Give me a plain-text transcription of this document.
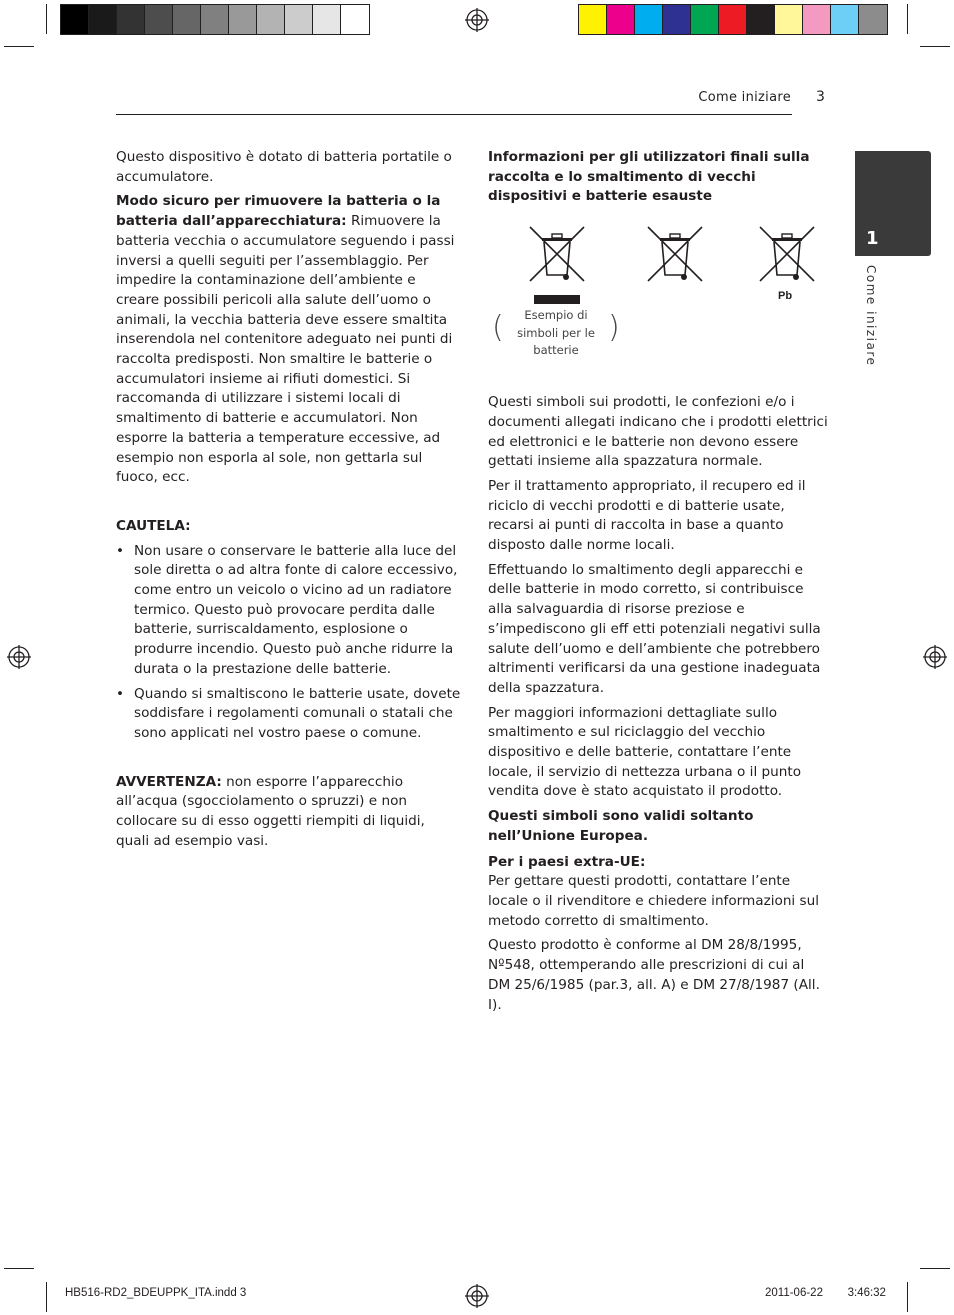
Come iniziare 3
1
Come iniziare

Questo dispositivo è dotato di batteria portatile o accumulatore.

Modo sicuro per rimuovere la batteria o la batteria dall’apparecchiatura: Rimuovere la batteria vecchia o accumulatore seguendo i passi inversi a quelli seguiti per l’assemblaggio. Per impedire la contaminazione dell’ambiente e creare possibili pericoli alla salute dell’uomo o animali, la vecchia batteria deve essere smaltita inserendola nel contenitore adeguato nei punti di raccolta predisposti. Non smaltire le batterie o accumulatori insieme ai rifiuti domestici. Si raccomanda di utilizzare i sistemi locali di smaltimento di batterie e accumulatori. Non esporre la batteria a temperature eccessive, ad esempio non esporla al sole, non gettarla sul fuoco, ecc.

CAUTELA:

• Non usare o conservare le batterie alla luce del sole diretta o ad altra fonte di calore eccessivo, come entro un veicolo o vicino ad un radiatore termico. Questo può provocare perdita dalle batterie, surriscaldamento, esplosione o produrre incendio. Questo può anche ridurre la durata o la prestazione delle batterie.
• Quando si smaltiscono le batterie usate, dovete soddisfare i regolamenti comunali o statali che sono applicati nel vostro paese o comune.

AVVERTENZA: non esporre l’apparecchio all’acqua (sgocciolamento o spruzzi) e non collocare su di esso oggetti riempiti di liquidi, quali ad esempio vasi.

Informazioni per gli utilizzatori finali sulla raccolta e lo smaltimento di vecchi dispositivi e batterie esauste

Pb
(	Esempio di simboli per le batterie
)

Questi simboli sui prodotti, le confezioni e/o i documenti allegati indicano che i prodotti elettrici ed elettronici e le batterie non devono essere gettati insieme alla spazzatura normale.

Per il trattamento appropriato, il recupero ed il riciclo di vecchi prodotti e di batterie usate, recarsi ai punti di raccolta in base a quanto disposto dalle norme locali.

Effettuando lo smaltimento degli apparecchi e delle batterie in modo corretto, si contribuisce alla salvaguardia di risorse preziose e s’impediscono gli eff etti potenziali negativi sulla salute dell’uomo e dell’ambiente che potrebbero altrimenti verificarsi da una gestione inadeguata della spazzatura.

Per maggiori informazioni dettagliate sullo smaltimento e sul riciclaggio del vecchio dispositivo e delle batterie, contattare l’ente locale, il servizio di nettezza urbana o il punto vendita dove è stato acquistato il prodotto.

Questi simboli sono validi soltanto nell’Unione Europea.

Per i paesi extra-UE:
Per gettare questi prodotti, contattare l’ente locale o il rivenditore e chiedere informazioni sul metodo corretto di smaltimento.

Questo prodotto è conforme al DM 28/8/1995, Nº548, ottemperando alle prescrizioni di cui al DM 25/6/1985 (par.3, all. A) e DM 27/8/1987 (All. I).

HB516-RD2_BDEUPPK_ITA.indd 3	2011-06-22 3:46:32
